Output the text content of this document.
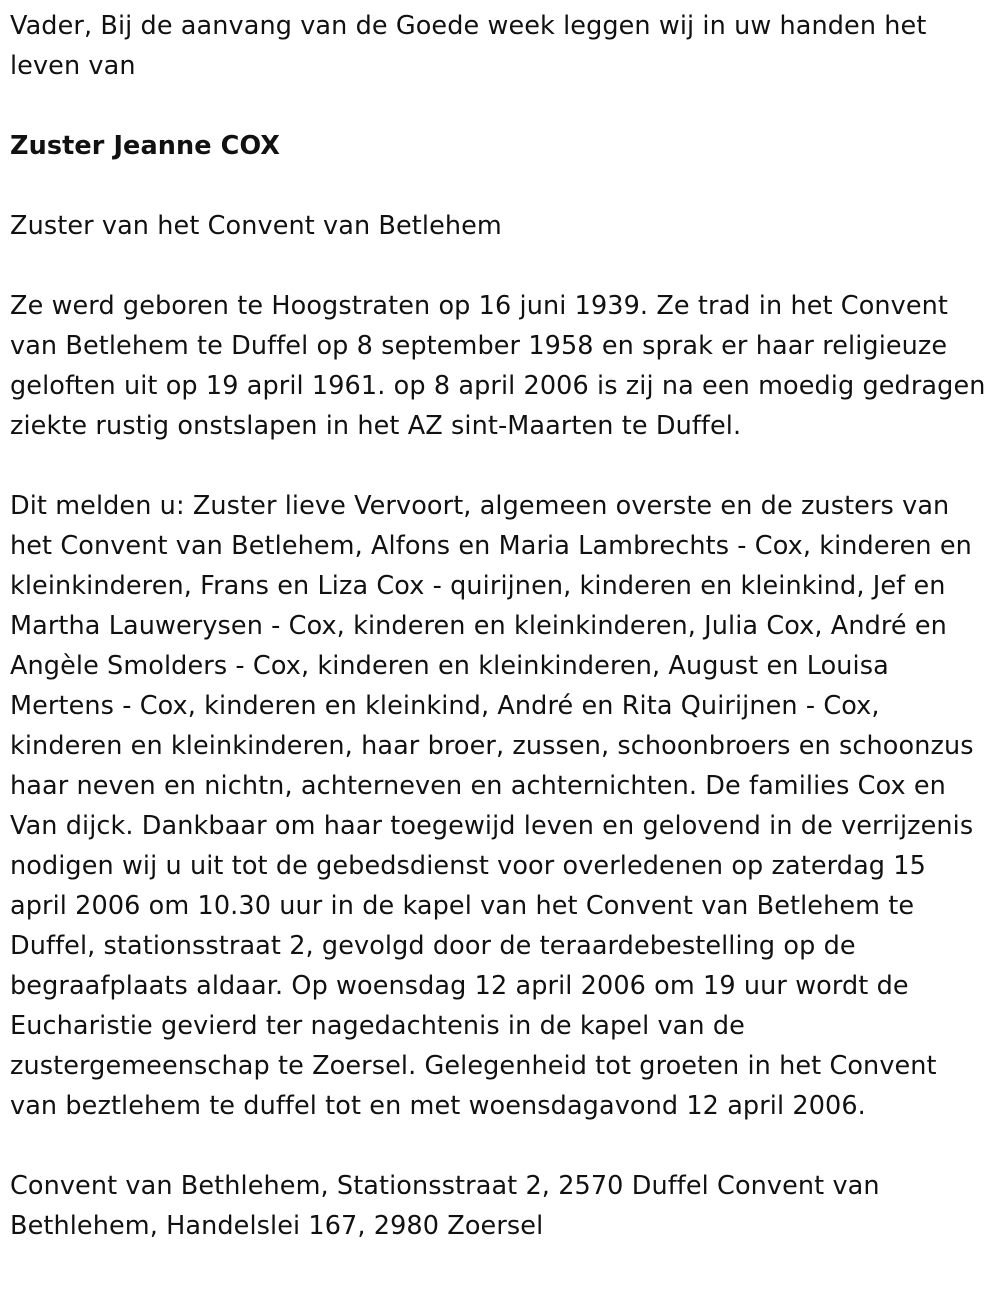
Vader, Bij de aanvang van de Goede week leggen wij in uw handen het leven van

Zuster Jeanne COX

Zuster van het Convent van Betlehem

Ze werd geboren te Hoogstraten op 16 juni 1939. Ze trad in het Convent van Betlehem te Duffel op 8 september 1958 en sprak er haar religieuze geloften uit op 19 april 1961. op 8 april 2006 is zij na een moedig gedragen ziekte rustig onstslapen in het AZ sint-Maarten te Duffel.

Dit melden u: Zuster lieve Vervoort, algemeen overste en de zusters van het Convent van Betlehem, Alfons en Maria Lambrechts - Cox, kinderen en kleinkinderen, Frans en Liza Cox - quirijnen, kinderen en kleinkind, Jef en Martha Lauwerysen - Cox, kinderen en kleinkinderen, Julia Cox, André en Angèle Smolders - Cox, kinderen en kleinkinderen, August en Louisa Mertens - Cox, kinderen en kleinkind, André en Rita Quirijnen - Cox, kinderen en kleinkinderen, haar broer, zussen, schoonbroers en schoonzus haar neven en nichtn, achterneven en achternichten. De families Cox en Van dijck. Dankbaar om haar toegewijd leven en gelovend in de verrijzenis nodigen wij u uit tot de gebedsdienst voor overledenen op zaterdag 15 april 2006 om 10.30 uur in de kapel van het Convent van Betlehem te Duffel, stationsstraat 2, gevolgd door de teraardebestelling op de begraafplaats aldaar. Op woensdag 12 april 2006 om 19 uur wordt de Eucharistie gevierd ter nagedachtenis in de kapel van de zustergemeenschap te Zoersel. Gelegenheid tot groeten in het Convent van beztlehem te duffel tot en met woensdagavond 12 april 2006.

Convent van Bethlehem, Stationsstraat 2, 2570 Duffel Convent van Bethlehem, Handelslei 167, 2980 Zoersel
